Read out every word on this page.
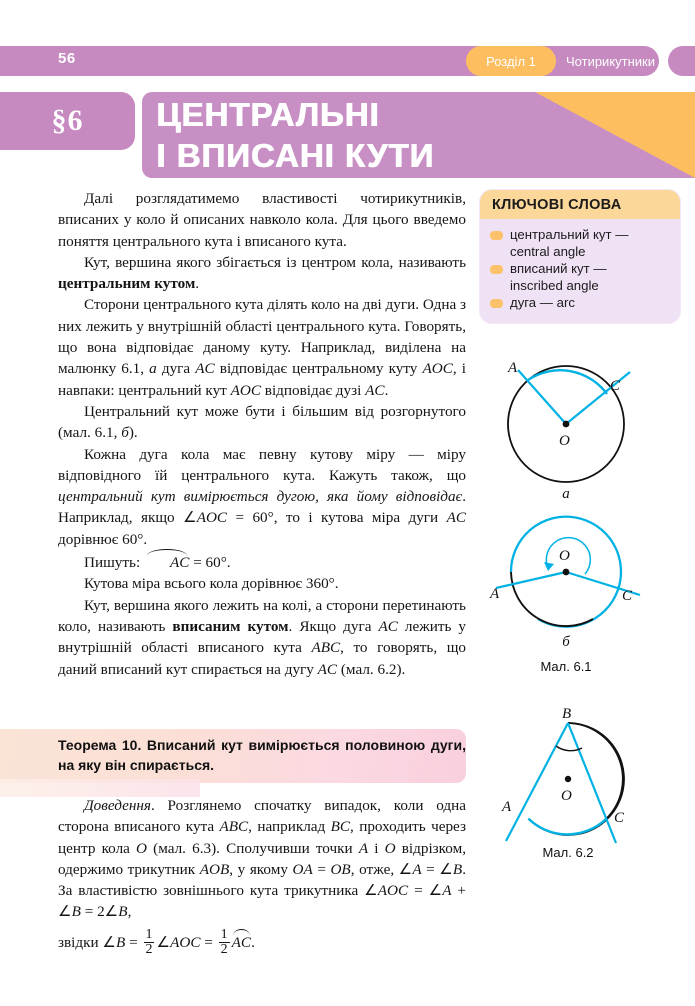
56	Розділ 1	Чотирикутники
§6	ЦЕНТРАЛЬНІ
І ВПИСАНІ КУТИ
КЛЮЧОВІ СЛОВА
центральний кут —
central angle
вписаний кут —
inscribed angle
дуга — arc

Далі розглядатимемо властивості чотирикутників, вписаних у коло й описаних навколо кола. Для цього введемо поняття центрального кута і вписаного кута.

Кут, вершина якого збігається із центром кола, називають центральним кутом.

Сторони центрального кута ділять коло на дві дуги. Одна з них лежить у внутрішній області центрального кута. Говорять, що вона відповідає даному куту. Наприклад, виділена на малюнку 6.1, а дуга AC відповідає центральному куту AOC, і навпаки: центральний кут AOC відповідає дузі AC.

Центральний кут може бути і більшим від розгорнутого (мал. 6.1, б).

Кожна дуга кола має певну кутову міру — міру відповідного їй центрального кута. Кажуть також, що центральний кут вимірюється дугою, яка йому відповідає. Наприклад, якщо ∠AOC = 60°, то і кутова міра дуги AC дорівнює 60°.

Пишуть: AC = 60°.

Кутова міра всього кола дорівнює 360°.

Кут, вершина якого лежить на колі, а сторони перетинають коло, називають вписаним кутом. Якщо дуга AC лежить у внутрішній області вписаного кута ABC, то говорять, що даний вписаний кут спирається на дугу AC (мал. 6.2).

Теорема 10. Вписаний кут вимірюється половиною дуги, на яку він спирається.

Доведення. Розглянемо спочатку випадок, коли одна сторона вписаного кута ABC, наприклад BC, проходить через центр кола O (мал. 6.3). Сполучивши точки A і O відрізком, одержимо трикутник AOB, у якому OA = OB, отже, ∠A = ∠B. За властивістю зовнішнього кута трикутника ∠AOC = ∠A + ∠B = 2∠B,

звідки ∠B = $\frac{1}{2}$ ∠AOC = $\frac{1}{2}$ AC.

A
C
O
а
A	C
O
б
Мал. 6.1
B
A
C
O
Мал. 6.2
